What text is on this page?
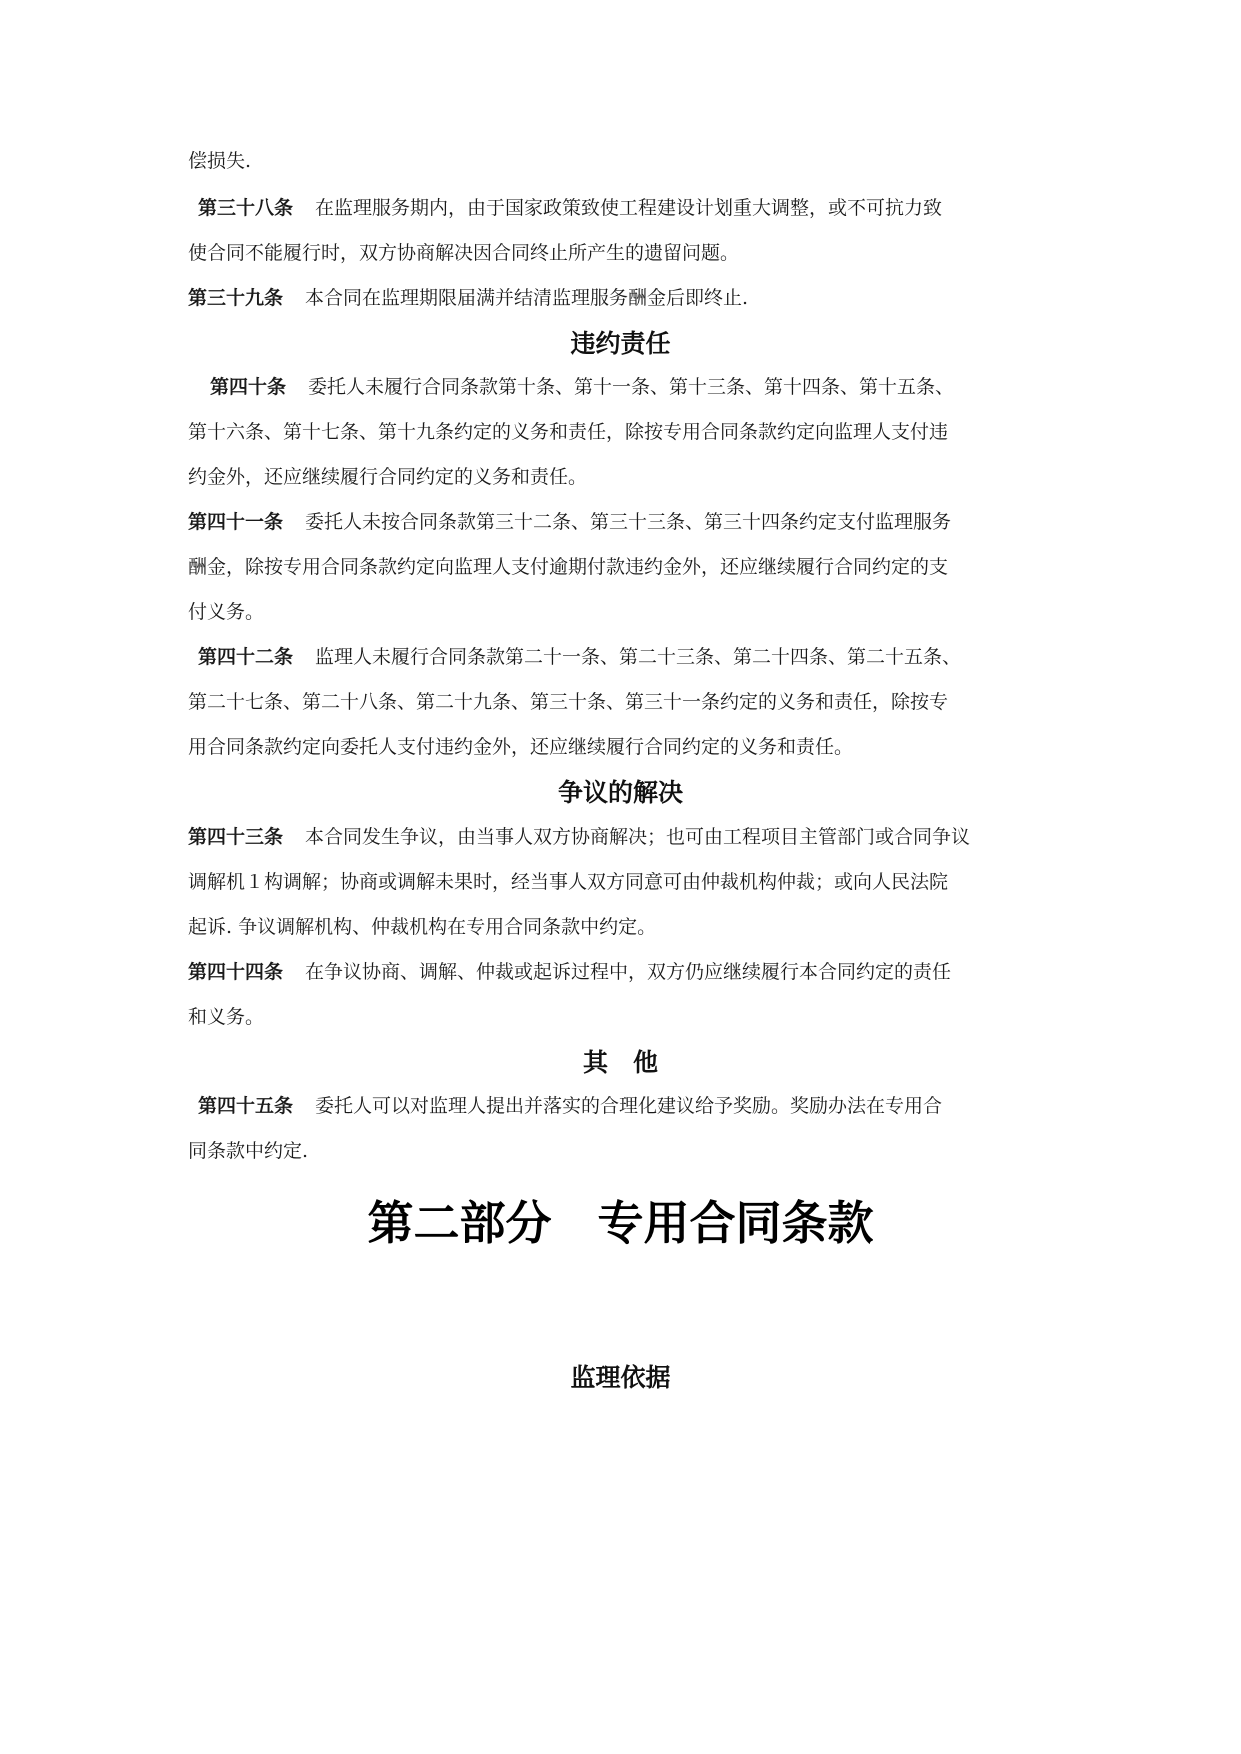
偿损失.
第三十八条 在监理服务期内，由于国家政策致使工程建设计划重大调整，或不可抗力致
使合同不能履行时，双方协商解决因合同终止所产生的遗留问题。
第三十九条 本合同在监理期限届满并结清监理服务酬金后即终止.
违约责任
第四十条 委托人未履行合同条款第十条、第十一条、第十三条、第十四条、第十五条、
第十六条、第十七条、第十九条约定的义务和责任，除按专用合同条款约定向监理人支付违
约金外，还应继续履行合同约定的义务和责任。
第四十一条 委托人未按合同条款第三十二条、第三十三条、第三十四条约定支付监理服务
酬金，除按专用合同条款约定向监理人支付逾期付款违约金外，还应继续履行合同约定的支
付义务。
第四十二条 监理人未履行合同条款第二十一条、第二十三条、第二十四条、第二十五条、
第二十七条、第二十八条、第二十九条、第三十条、第三十一条约定的义务和责任，除按专
用合同条款约定向委托人支付违约金外，还应继续履行合同约定的义务和责任。
争议的解决
第四十三条 本合同发生争议，由当事人双方协商解决；也可由工程项目主管部门或合同争议
调解机１构调解；协商或调解未果时，经当事人双方同意可由仲裁机构仲裁；或向人民法院
起诉. 争议调解机构、仲裁机构在专用合同条款中约定。
第四十四条 在争议协商、调解、仲裁或起诉过程中，双方仍应继续履行本合同约定的责任
和义务。
其　他
第四十五条 委托人可以对监理人提出并落实的合理化建议给予奖励。奖励办法在专用合
同条款中约定.
第二部分　专用合同条款
监理依据
